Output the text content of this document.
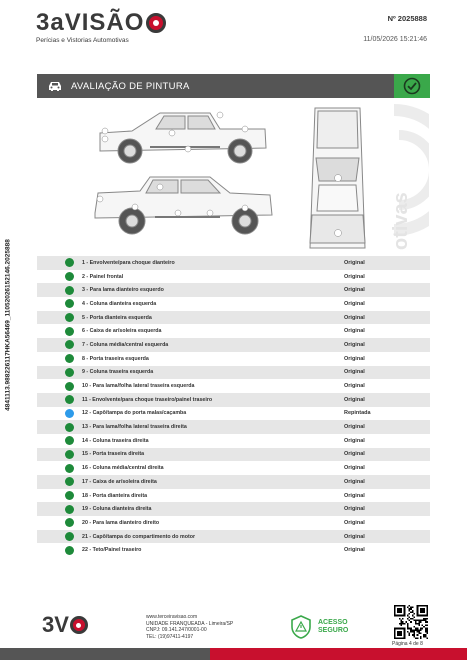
3aVISÃO
Perícias e Vistorias Automotivas
Nº 2025888
11/05/2026 15:21:46
AVALIAÇÃO DE PINTURA
4841113.988226117HKA56469_11052026152146.2025888
otivas
1 - Envolvente/para choque dianteiro	Original
2 - Painel frontal	Original
3 - Para lama dianteiro esquerdo	Original
4 - Coluna dianteira esquerda	Original
5 - Porta dianteira esquerda	Original
6 - Caixa de ar/soleira esquerda	Original
7 - Coluna média/central esquerda	Original
8 - Porta traseira esquerda	Original
9 - Coluna traseira esquerda	Original
10 - Para lama/folha lateral traseira esquerda	Original
11 - Envolvente/para choque traseiro/painel traseiro	Original
12 - Capô/tampa do porta malas/caçamba	Repintada
13 - Para lama/folha lateral traseira direita	Original
14 - Coluna traseira direita	Original
15 - Porta traseira direita	Original
16 - Coluna média/central direita	Original
17 - Caixa de ar/soleira direita	Original
18 - Porta dianteira direita	Original
19 - Coluna dianteira direita	Original
20 - Para lama dianteiro direito	Original
21 - Capô/tampa do compartimento do motor	Original
22 - Teto/Painel traseiro	Original
3V	www.terceiravisao.com
UNIDADE FRANQUEADA - Limeira/SP
CNPJ: 09.141.247/0001-00
TEL: (19)97411-4197
ACESSO
SEGURO
Página 4 de 8
